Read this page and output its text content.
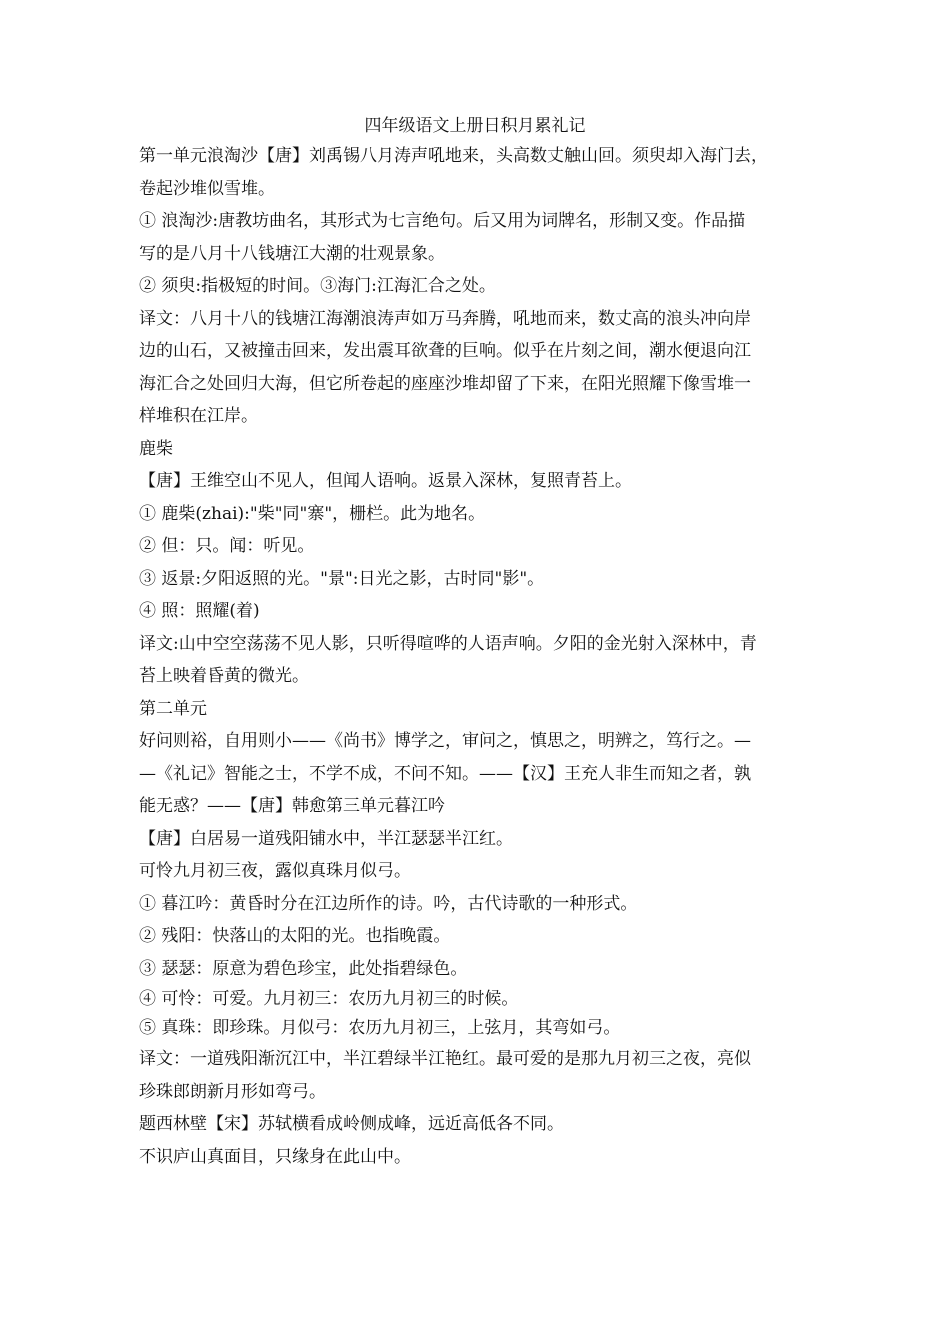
四年级语文上册日积月累礼记
第一单元浪淘沙【唐】刘禹锡八月涛声吼地来，头高数丈触山回。须臾却入海门去，
卷起沙堆似雪堆。
① 浪淘沙:唐教坊曲名，其形式为七言绝句。后又用为词牌名，形制又变。作品描
写的是八月十八钱塘江大潮的壮观景象。
② 须臾:指极短的时间。③海门:江海汇合之处。
译文：八月十八的钱塘江海潮浪涛声如万马奔腾，吼地而来，数丈高的浪头冲向岸
边的山石，又被撞击回来，发出震耳欲聋的巨响。似乎在片刻之间，潮水便退向江
海汇合之处回归大海，但它所卷起的座座沙堆却留了下来，在阳光照耀下像雪堆一
样堆积在江岸。
鹿柴
【唐】王维空山不见人，但闻人语响。返景入深林，复照青苔上。
① 鹿柴(zhai):"柴"同"寨"，栅栏。此为地名。
② 但：只。闻：听见。
③ 返景:夕阳返照的光。"景":日光之影，古时同"影"。
④ 照：照耀(着)
译文:山中空空荡荡不见人影，只听得喧哗的人语声响。夕阳的金光射入深林中，青
苔上映着昏黄的微光。
第二单元
好问则裕，自用则小——《尚书》博学之，审问之，慎思之，明辨之，笃行之。—
—《礼记》智能之士，不学不成，不问不知。——【汉】王充人非生而知之者，孰
能无惑？——【唐】韩愈第三单元暮江吟
【唐】白居易一道残阳铺水中，半江瑟瑟半江红。
可怜九月初三夜，露似真珠月似弓。
① 暮江吟：黄昏时分在江边所作的诗。吟，古代诗歌的一种形式。
② 残阳：快落山的太阳的光。也指晚霞。
③ 瑟瑟：原意为碧色珍宝，此处指碧绿色。
④ 可怜：可爱。九月初三：农历九月初三的时候。
⑤ 真珠：即珍珠。月似弓：农历九月初三，上弦月，其弯如弓。
译文：一道残阳渐沉江中，半江碧绿半江艳红。最可爱的是那九月初三之夜，亮似
珍珠郎朗新月形如弯弓。
题西林壁【宋】苏轼横看成岭侧成峰，远近高低各不同。
不识庐山真面目，只缘身在此山中。
